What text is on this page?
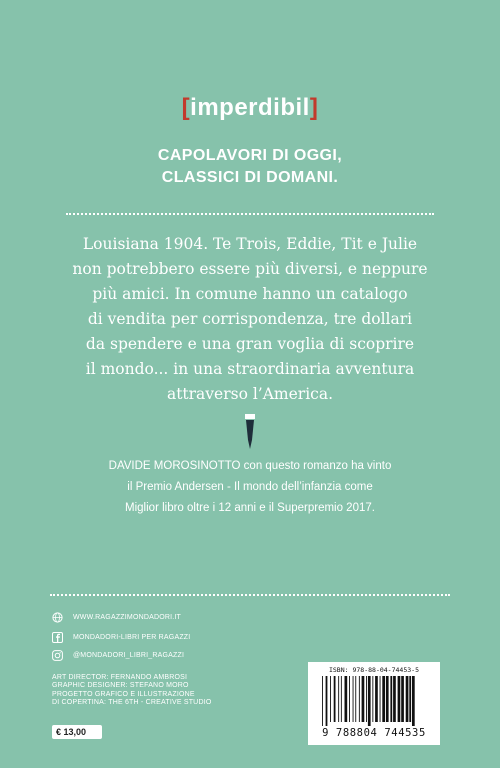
[imperdibil]
CAPOLAVORI DI OGGI,
CLASSICI DI DOMANI.
Louisiana 1904. Te Trois, Eddie, Tit e Julie
non potrebbero essere più diversi, e neppure
più amici. In comune hanno un catalogo
di vendita per corrispondenza, tre dollari
da spendere e una gran voglia di scoprire
il mondo... in una straordinaria avventura
attraverso l’America.
DAVIDE MOROSINOTTO con questo romanzo ha vinto
il Premio Andersen - Il mondo dell’infanzia come
Miglior libro oltre i 12 anni e il Superpremio 2017.
WWW.RAGAZZIMONDADORI.IT
MONDADORI-LIBRI PER RAGAZZI
@MONDADORI_LIBRI_RAGAZZI
ART DIRECTOR: FERNANDO AMBROSI
GRAPHIC DESIGNER: STEFANO MORO
PROGETTO GRAFICO E ILLUSTRAZIONE
DI COPERTINA: THE 6TH - CREATIVE STUDIO
€ 13,00
ISBN: 978-88-04-74453-5
9 788804 744535
